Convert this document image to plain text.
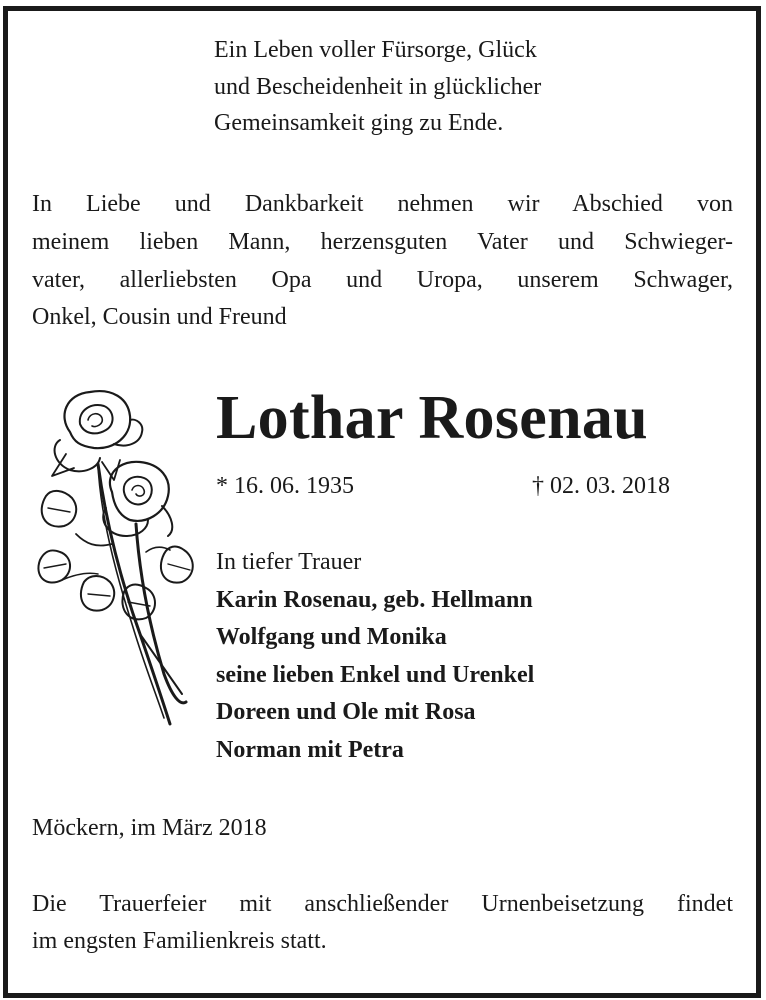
Ein Leben voller Fürsorge, Glück
und Bescheidenheit in glücklicher
Gemeinsamkeit ging zu Ende.
In Liebe und Dankbarkeit nehmen wir Abschied von
meinem lieben Mann, herzensguten Vater und Schwieger-
vater, allerliebsten Opa und Uropa, unserem Schwager,
Onkel, Cousin und Freund
Lothar Rosenau
* 16. 06. 1935	† 02. 03. 2018
In tiefer Trauer
Karin Rosenau, geb. Hellmann
Wolfgang und Monika
seine lieben Enkel und Urenkel
Doreen und Ole mit Rosa
Norman mit Petra
Möckern, im März 2018
Die Trauerfeier mit anschließender Urnenbeisetzung findet
im engsten Familienkreis statt.
